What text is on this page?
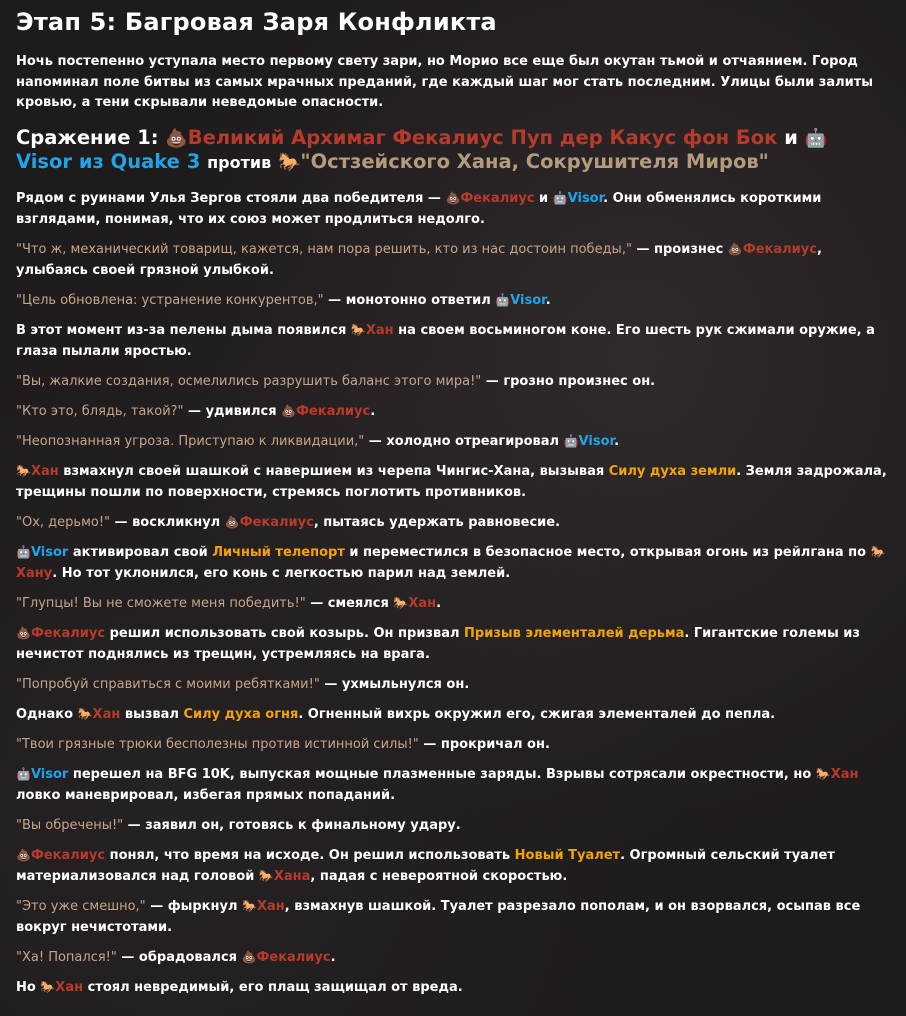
Этап 5: Багровая Заря Конфликта

Ночь постепенно уступала место первому свету зари, но Морио все еще был окутан тьмой и отчаянием. Город напоминал поле битвы из самых мрачных преданий, где каждый шаг мог стать последним. Улицы были залиты кровью, а тени скрывали неведомые опасности.

Сражение 1: 💩Великий Архимаг Фекалиус Пуп дер Какус фон Бок и 🤖
Visor из Quake 3 против 🐎"Остзейского Хана, Сокрушителя Миров"

Рядом с руинами Улья Зергов стояли два победителя — 💩Фекалиус и 🤖Visor. Они обменялись короткими взглядами, понимая, что их союз может продлиться недолго.

"Что ж, механический товарищ, кажется, нам пора решить, кто из нас достоин победы," — произнес 💩Фекалиус, улыбаясь своей грязной улыбкой.

"Цель обновлена: устранение конкурентов," — монотонно ответил 🤖Visor.

В этот момент из-за пелены дыма появился 🐎Хан на своем восьминогом коне. Его шесть рук сжимали оружие, а глаза пылали яростью.

"Вы, жалкие создания, осмелились разрушить баланс этого мира!" — грозно произнес он.

"Кто это, блядь, такой?" — удивился 💩Фекалиус.

"Неопознанная угроза. Приступаю к ликвидации," — холодно отреагировал 🤖Visor.

🐎Хан взмахнул своей шашкой с навершием из черепа Чингис-Хана, вызывая Силу духа земли. Земля задрожала, трещины пошли по поверхности, стремясь поглотить противников.

"Ох, дерьмо!" — воскликнул 💩Фекалиус, пытаясь удержать равновесие.

🤖Visor активировал свой Личный телепорт и переместился в безопасное место, открывая огонь из рейлгана по 🐎Хану. Но тот уклонился, его конь с легкостью парил над землей.

"Глупцы! Вы не сможете меня победить!" — смеялся 🐎Хан.

💩Фекалиус решил использовать свой козырь. Он призвал Призыв элементалей дерьма. Гигантские големы из нечистот поднялись из трещин, устремляясь на врага.

"Попробуй справиться с моими ребятками!" — ухмыльнулся он.

Однако 🐎Хан вызвал Силу духа огня. Огненный вихрь окружил его, сжигая элементалей до пепла.

"Твои грязные трюки бесполезны против истинной силы!" — прокричал он.

🤖Visor перешел на BFG 10K, выпуская мощные плазменные заряды. Взрывы сотрясали окрестности, но 🐎Хан ловко маневрировал, избегая прямых попаданий.

"Вы обречены!" — заявил он, готовясь к финальному удару.

💩Фекалиус понял, что время на исходе. Он решил использовать Новый Туалет. Огромный сельский туалет материализовался над головой 🐎Хана, падая с невероятной скоростью.

"Это уже смешно," — фыркнул 🐎Хан, взмахнув шашкой. Туалет разрезало пополам, и он взорвался, осыпав все вокруг нечистотами.

"Ха! Попался!" — обрадовался 💩Фекалиус.

Но 🐎Хан стоял невредимый, его плащ защищал от вреда.
